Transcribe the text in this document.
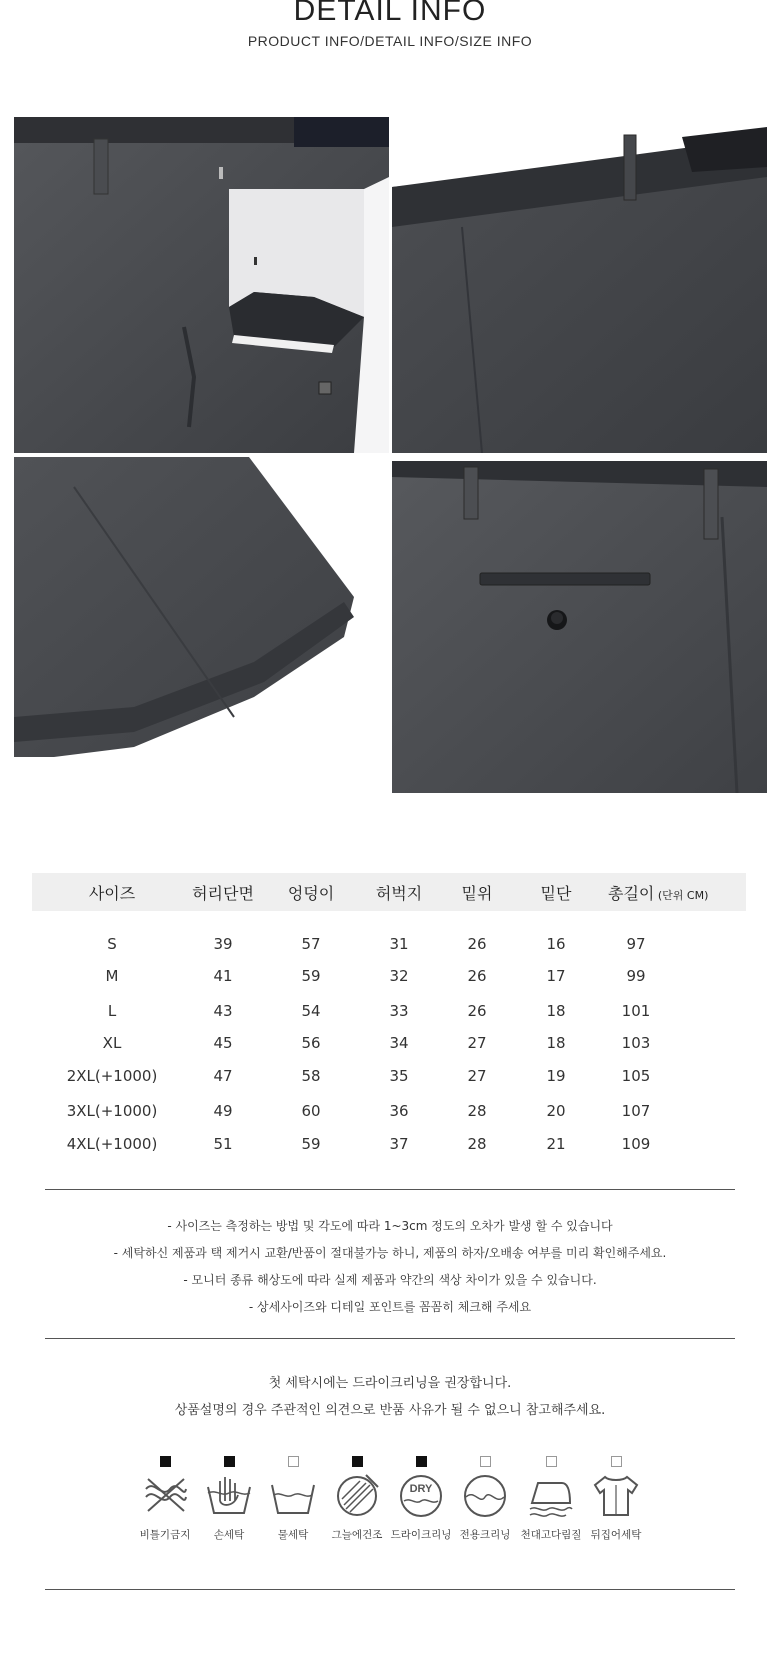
DETAIL INFO
PRODUCT INFO/DETAIL INFO/SIZE INFO
사이즈	허리단면	엉덩이	허벅지	밑위	밑단	총길이 (단위 CM)
S	39	57	31	26	16	97
M	41	59	32	26	17	99
L	43	54	33	26	18	101
XL	45	56	34	27	18	103
2XL(+1000)	47	58	35	27	19	105
3XL(+1000)	49	60	36	28	20	107
4XL(+1000)	51	59	37	28	21	109
- 사이즈는 측정하는 방법 및 각도에 따라 1~3cm 정도의 오차가 발생 할 수 있습니다
- 세탁하신 제품과 택 제거시 교환/반품이 절대불가능 하니, 제품의 하자/오배송 여부를 미리 확인해주세요.
- 모니터 종류 해상도에 따라 실제 제품과 약간의 색상 차이가 있을 수 있습니다.
- 상세사이즈와 디테일 포인트를 꼼꼼히 체크해 주세요
첫 세탁시에는 드라이크리닝을 권장합니다.
상품설명의 경우 주관적인 의견으로 반품 사유가 될 수 없으니 참고해주세요.
비틀기금지	손세탁	물세탁	그늘에건조
DRY
드라이크리닝 전용크리닝 천대고다림질 뒤집어세탁
